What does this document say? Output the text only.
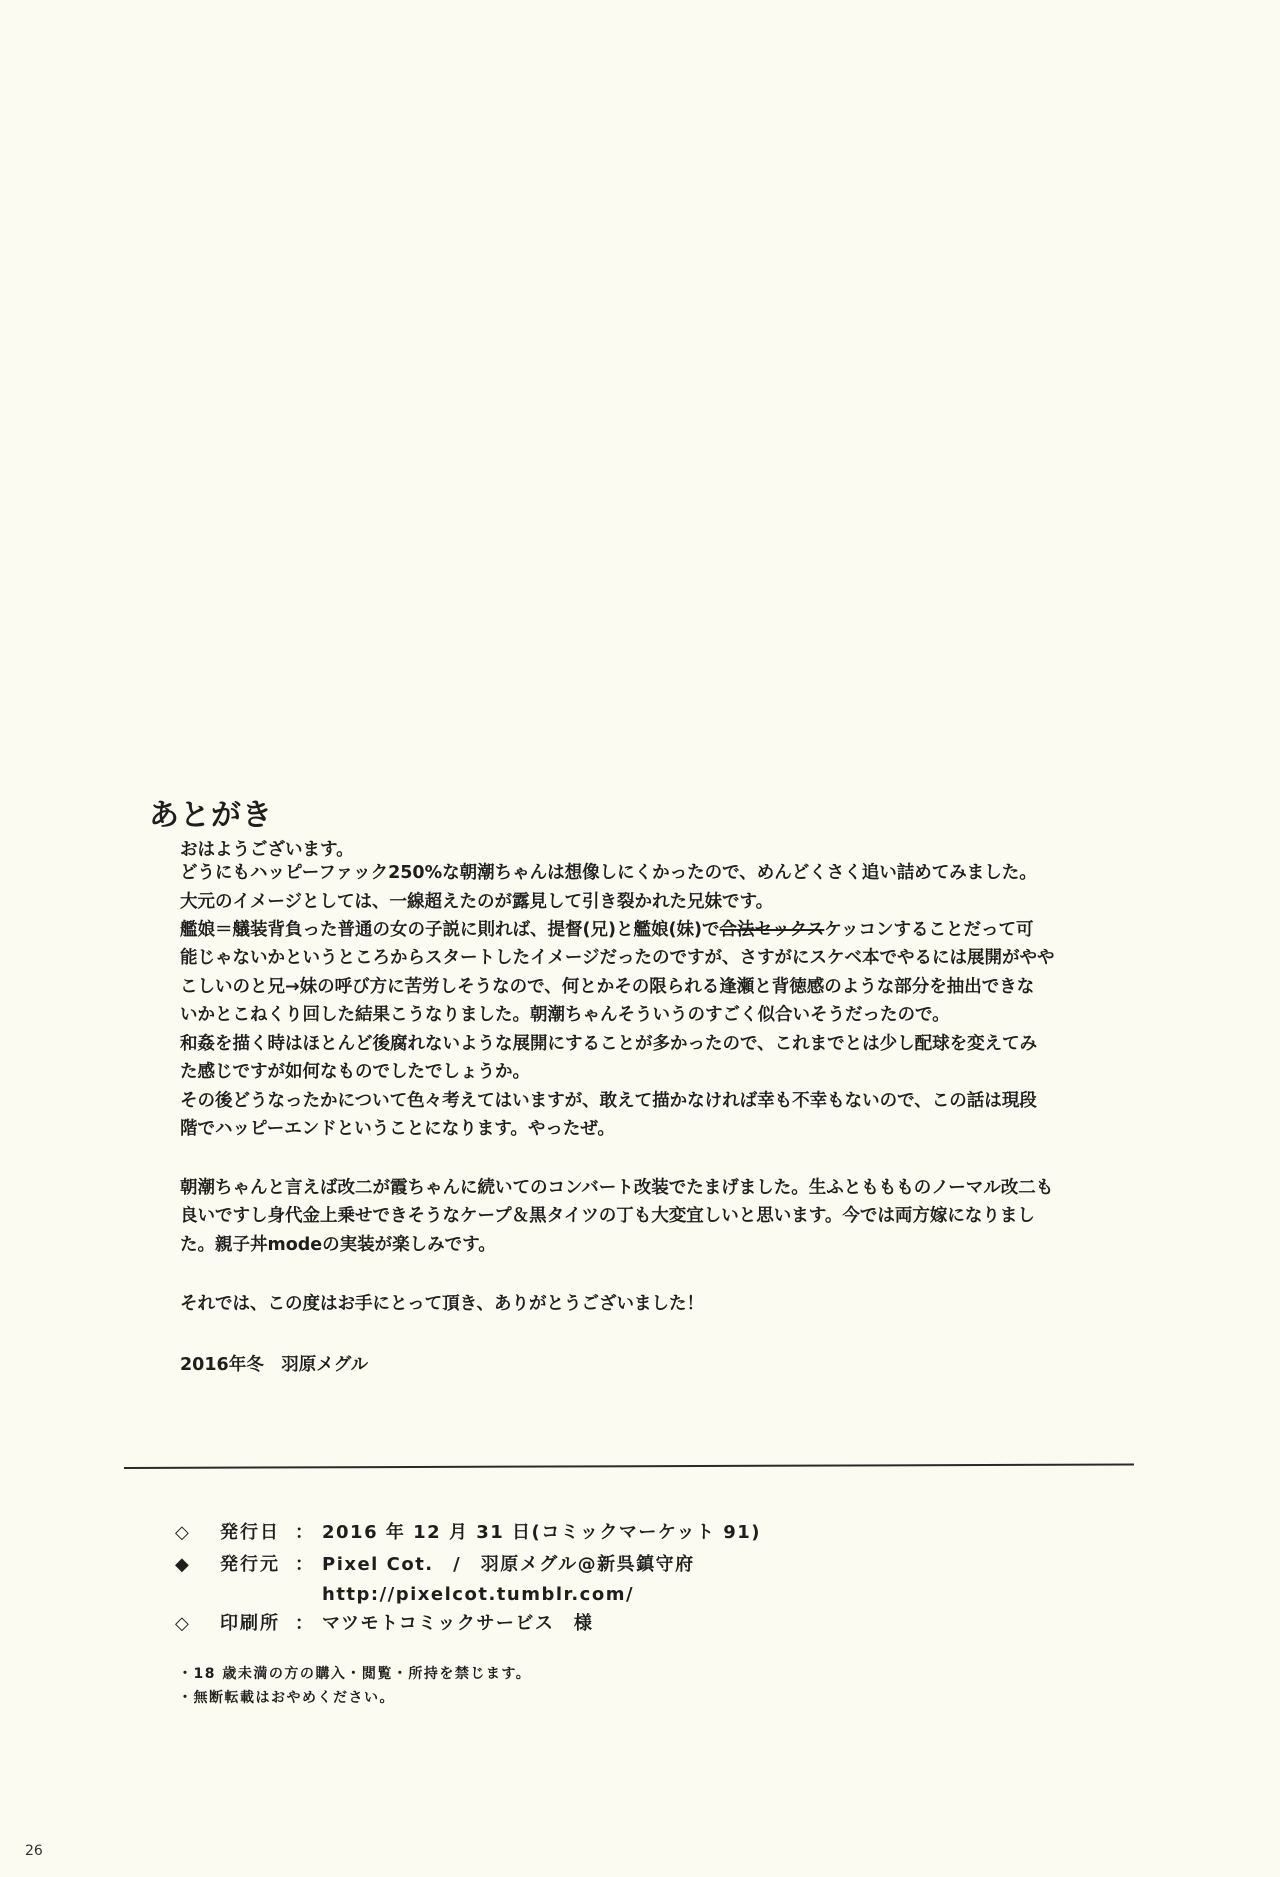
あとがき
おはようございます。
どうにもハッピーファック250%な朝潮ちゃんは想像しにくかったので、めんどくさく追い詰めてみました。
大元のイメージとしては、一線超えたのが露見して引き裂かれた兄妹です。
艦娘＝艤装背負った普通の女の子説に則れば、提督(兄)と艦娘(妹)で合法セックスケッコンすることだって可
能じゃないかというところからスタートしたイメージだったのですが、さすがにスケベ本でやるには展開がやや
こしいのと兄→妹の呼び方に苦労しそうなので、何とかその限られる逢瀬と背徳感のような部分を抽出できな
いかとこねくり回した結果こうなりました。朝潮ちゃんそういうのすごく似合いそうだったので。
和姦を描く時はほとんど後腐れないような展開にすることが多かったので、これまでとは少し配球を変えてみ
た感じですが如何なものでしたでしょうか。
その後どうなったかについて色々考えてはいますが、敢えて描かなければ幸も不幸もないので、この話は現段
階でハッピーエンドということになります。やったぜ。
朝潮ちゃんと言えば改二が霞ちゃんに続いてのコンバート改装でたまげました。生ふとももものノーマル改二も
良いですし身代金上乗せできそうなケープ＆黒タイツの丁も大変宜しいと思います。今では両方嫁になりまし
た。親子丼modeの実装が楽しみです。
それでは、この度はお手にとって頂き、ありがとうございました！
2016年冬　羽原メグル
◇ 発行日 ： 2016 年 12 月 31 日(コミックマーケット 91)
◆ 発行元 ： Pixel Cot.　/　羽原メグル@新呉鎮守府
http://pixelcot.tumblr.com/
◇ 印刷所 ： マツモトコミックサービス　様
・18 歳未満の方の購入・閲覧・所持を禁じます。
・無断転載はおやめください。
26
